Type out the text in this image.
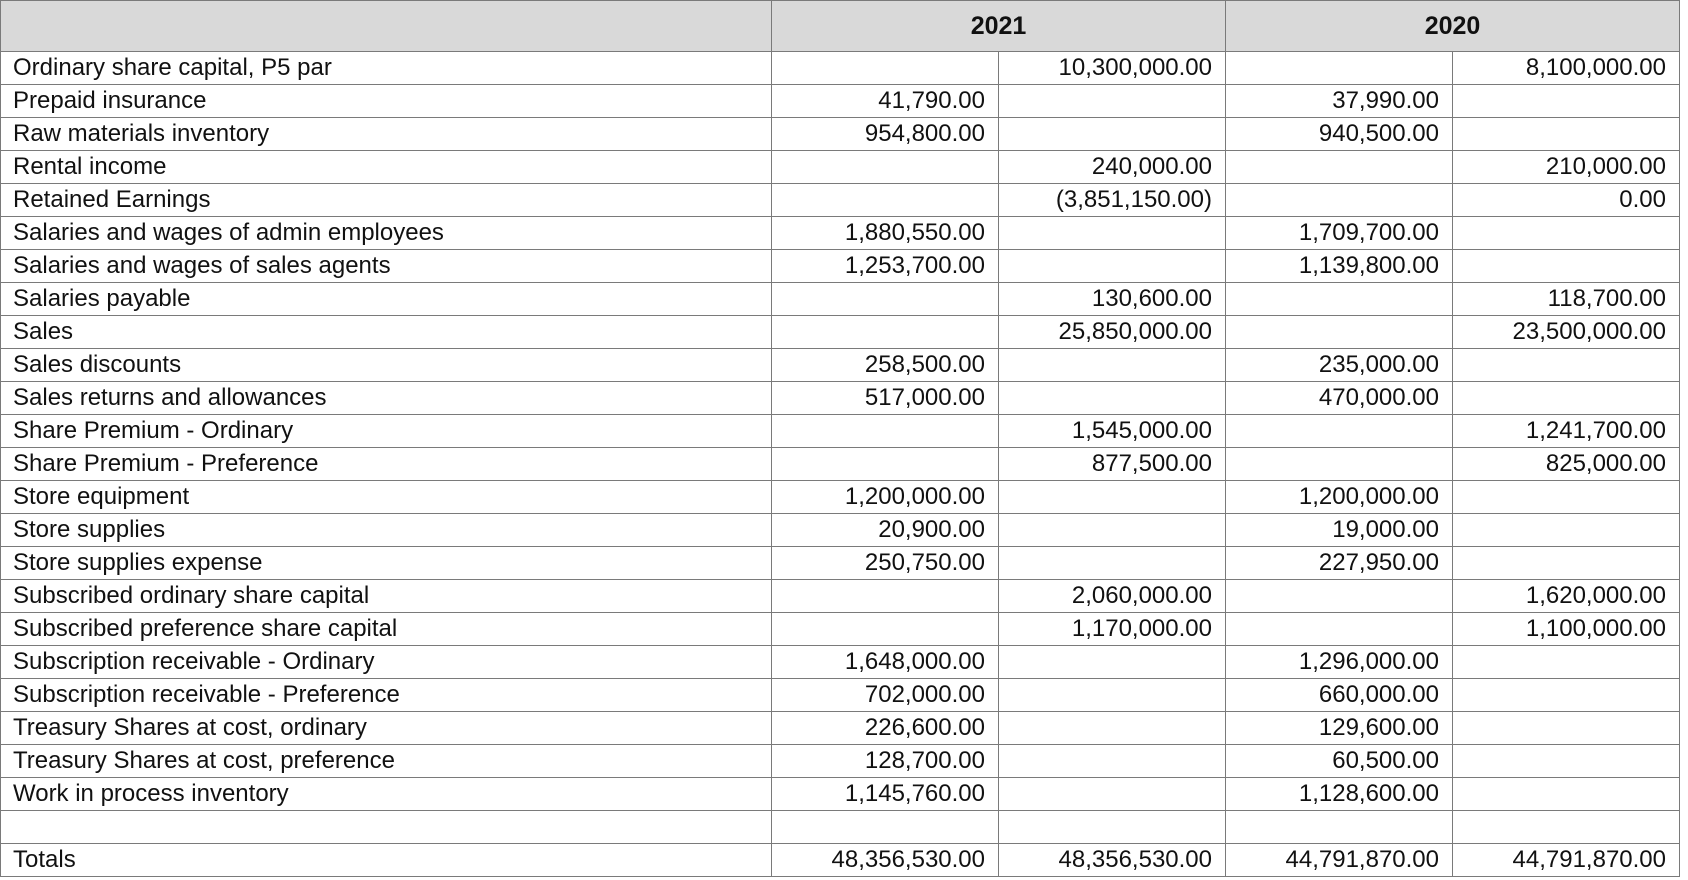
	2021		2020	
Ordinary share capital, P5 par		10,300,000.00		8,100,000.00
Prepaid insurance	41,790.00		37,990.00	
Raw materials inventory	954,800.00		940,500.00	
Rental income		240,000.00		210,000.00
Retained Earnings		(3,851,150.00)		0.00
Salaries and wages of admin employees	1,880,550.00		1,709,700.00	
Salaries and wages of sales agents	1,253,700.00		1,139,800.00	
Salaries payable		130,600.00		118,700.00
Sales		25,850,000.00		23,500,000.00
Sales discounts	258,500.00		235,000.00	
Sales returns and allowances	517,000.00		470,000.00	
Share Premium - Ordinary		1,545,000.00		1,241,700.00
Share Premium - Preference		877,500.00		825,000.00
Store equipment	1,200,000.00		1,200,000.00	
Store supplies	20,900.00		19,000.00	
Store supplies expense	250,750.00		227,950.00	
Subscribed ordinary share capital		2,060,000.00		1,620,000.00
Subscribed preference share capital		1,170,000.00		1,100,000.00
Subscription receivable - Ordinary	1,648,000.00		1,296,000.00	
Subscription receivable - Preference	702,000.00		660,000.00	
Treasury Shares at cost, ordinary	226,600.00		129,600.00	
Treasury Shares at cost, preference	128,700.00		60,500.00	
Work in process inventory	1,145,760.00		1,128,600.00	

Totals	48,356,530.00	48,356,530.00	44,791,870.00	44,791,870.00
